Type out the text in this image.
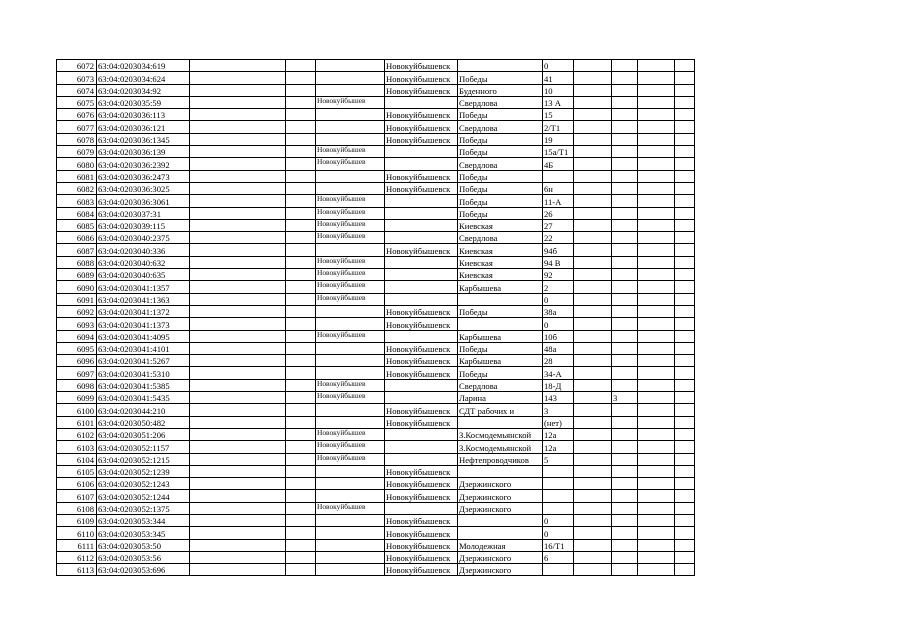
6072	63:04:0203034:619				Новокуйбышевск		0				
6073	63:04:0203034:624				Новокуйбышевск	Победы	41				
6074	63:04:0203034:92				Новокуйбышевск	Буденного	10				
6075	63:04:0203035:59			Новокуйбышев		Свердлова	13 А				
6076	63:04:0203036:113				Новокуйбышевск	Победы	15				
6077	63:04:0203036:121				Новокуйбышевск	Свердлова	2/Т1				
6078	63:04:0203036:1345				Новокуйбышевск	Победы	19				
6079	63:04:0203036:139			Новокуйбышев		Победы	15а/Т1				
6080	63:04:0203036:2392			Новокуйбышев		Свердлова	4Б				
6081	63:04:0203036:2473				Новокуйбышевск	Победы					
6082	63:04:0203036:3025				Новокуйбышевск	Победы	6н				
6083	63:04:0203036:3061			Новокуйбышев		Победы	11-А				
6084	63:04:0203037:31			Новокуйбышев		Победы	26				
6085	63:04:0203039:115			Новокуйбышев		Киевская	27				
6086	63:04:0203040:2375			Новокуйбышев		Свердлова	22				
6087	63:04:0203040:336				Новокуйбышевск	Киевская	94б				
6088	63:04:0203040:632			Новокуйбышев		Киевская	94 В				
6089	63:04:0203040:635			Новокуйбышев		Киевская	92				
6090	63:04:0203041:1357			Новокуйбышев		Карбышева	2				
6091	63:04:0203041:1363			Новокуйбышев			0				
6092	63:04:0203041:1372				Новокуйбышевск	Победы	38а				
6093	63:04:0203041:1373				Новокуйбышевск		0				
6094	63:04:0203041:4095			Новокуйбышев		Карбышева	10б				
6095	63:04:0203041:4101				Новокуйбышевск	Победы	48а				
6096	63:04:0203041:5267				Новокуйбышевск	Карбышева	28				
6097	63:04:0203041:5310				Новокуйбышевск	Победы	34-А				
6098	63:04:0203041:5385			Новокуйбышев		Свердлова	18-Д				
6099	63:04:0203041:5435			Новокуйбышев		Ларина	143		3		
6100	63:04:0203044:210				Новокуйбышевск	СДТ рабочих и	3				
6101	63:04:0203050:482				Новокуйбышевск		(нет)				
6102	63:04:0203051:206			Новокуйбышев		З.Космодемьянской	12а				
6103	63:04:0203052:1157			Новокуйбышев		З.Космодемьянской	12а				
6104	63:04:0203052:1215			Новокуйбышев		Нефтепроводчиков	5				
6105	63:04:0203052:1239				Новокуйбышевск						
6106	63:04:0203052:1243				Новокуйбышевск	Дзержинского					
6107	63:04:0203052:1244				Новокуйбышевск	Дзержинского					
6108	63:04:0203052:1375			Новокуйбышев		Дзержинского					
6109	63:04:0203053:344				Новокуйбышевск		0				
6110	63:04:0203053:345				Новокуйбышевск		0				
6111	63:04:0203053:50				Новокуйбышевск	Молодежная	16/Т1				
6112	63:04:0203053:56				Новокуйбышевск	Дзержинского	6				
6113	63:04:0203053:696				Новокуйбышевск	Дзержинского					
